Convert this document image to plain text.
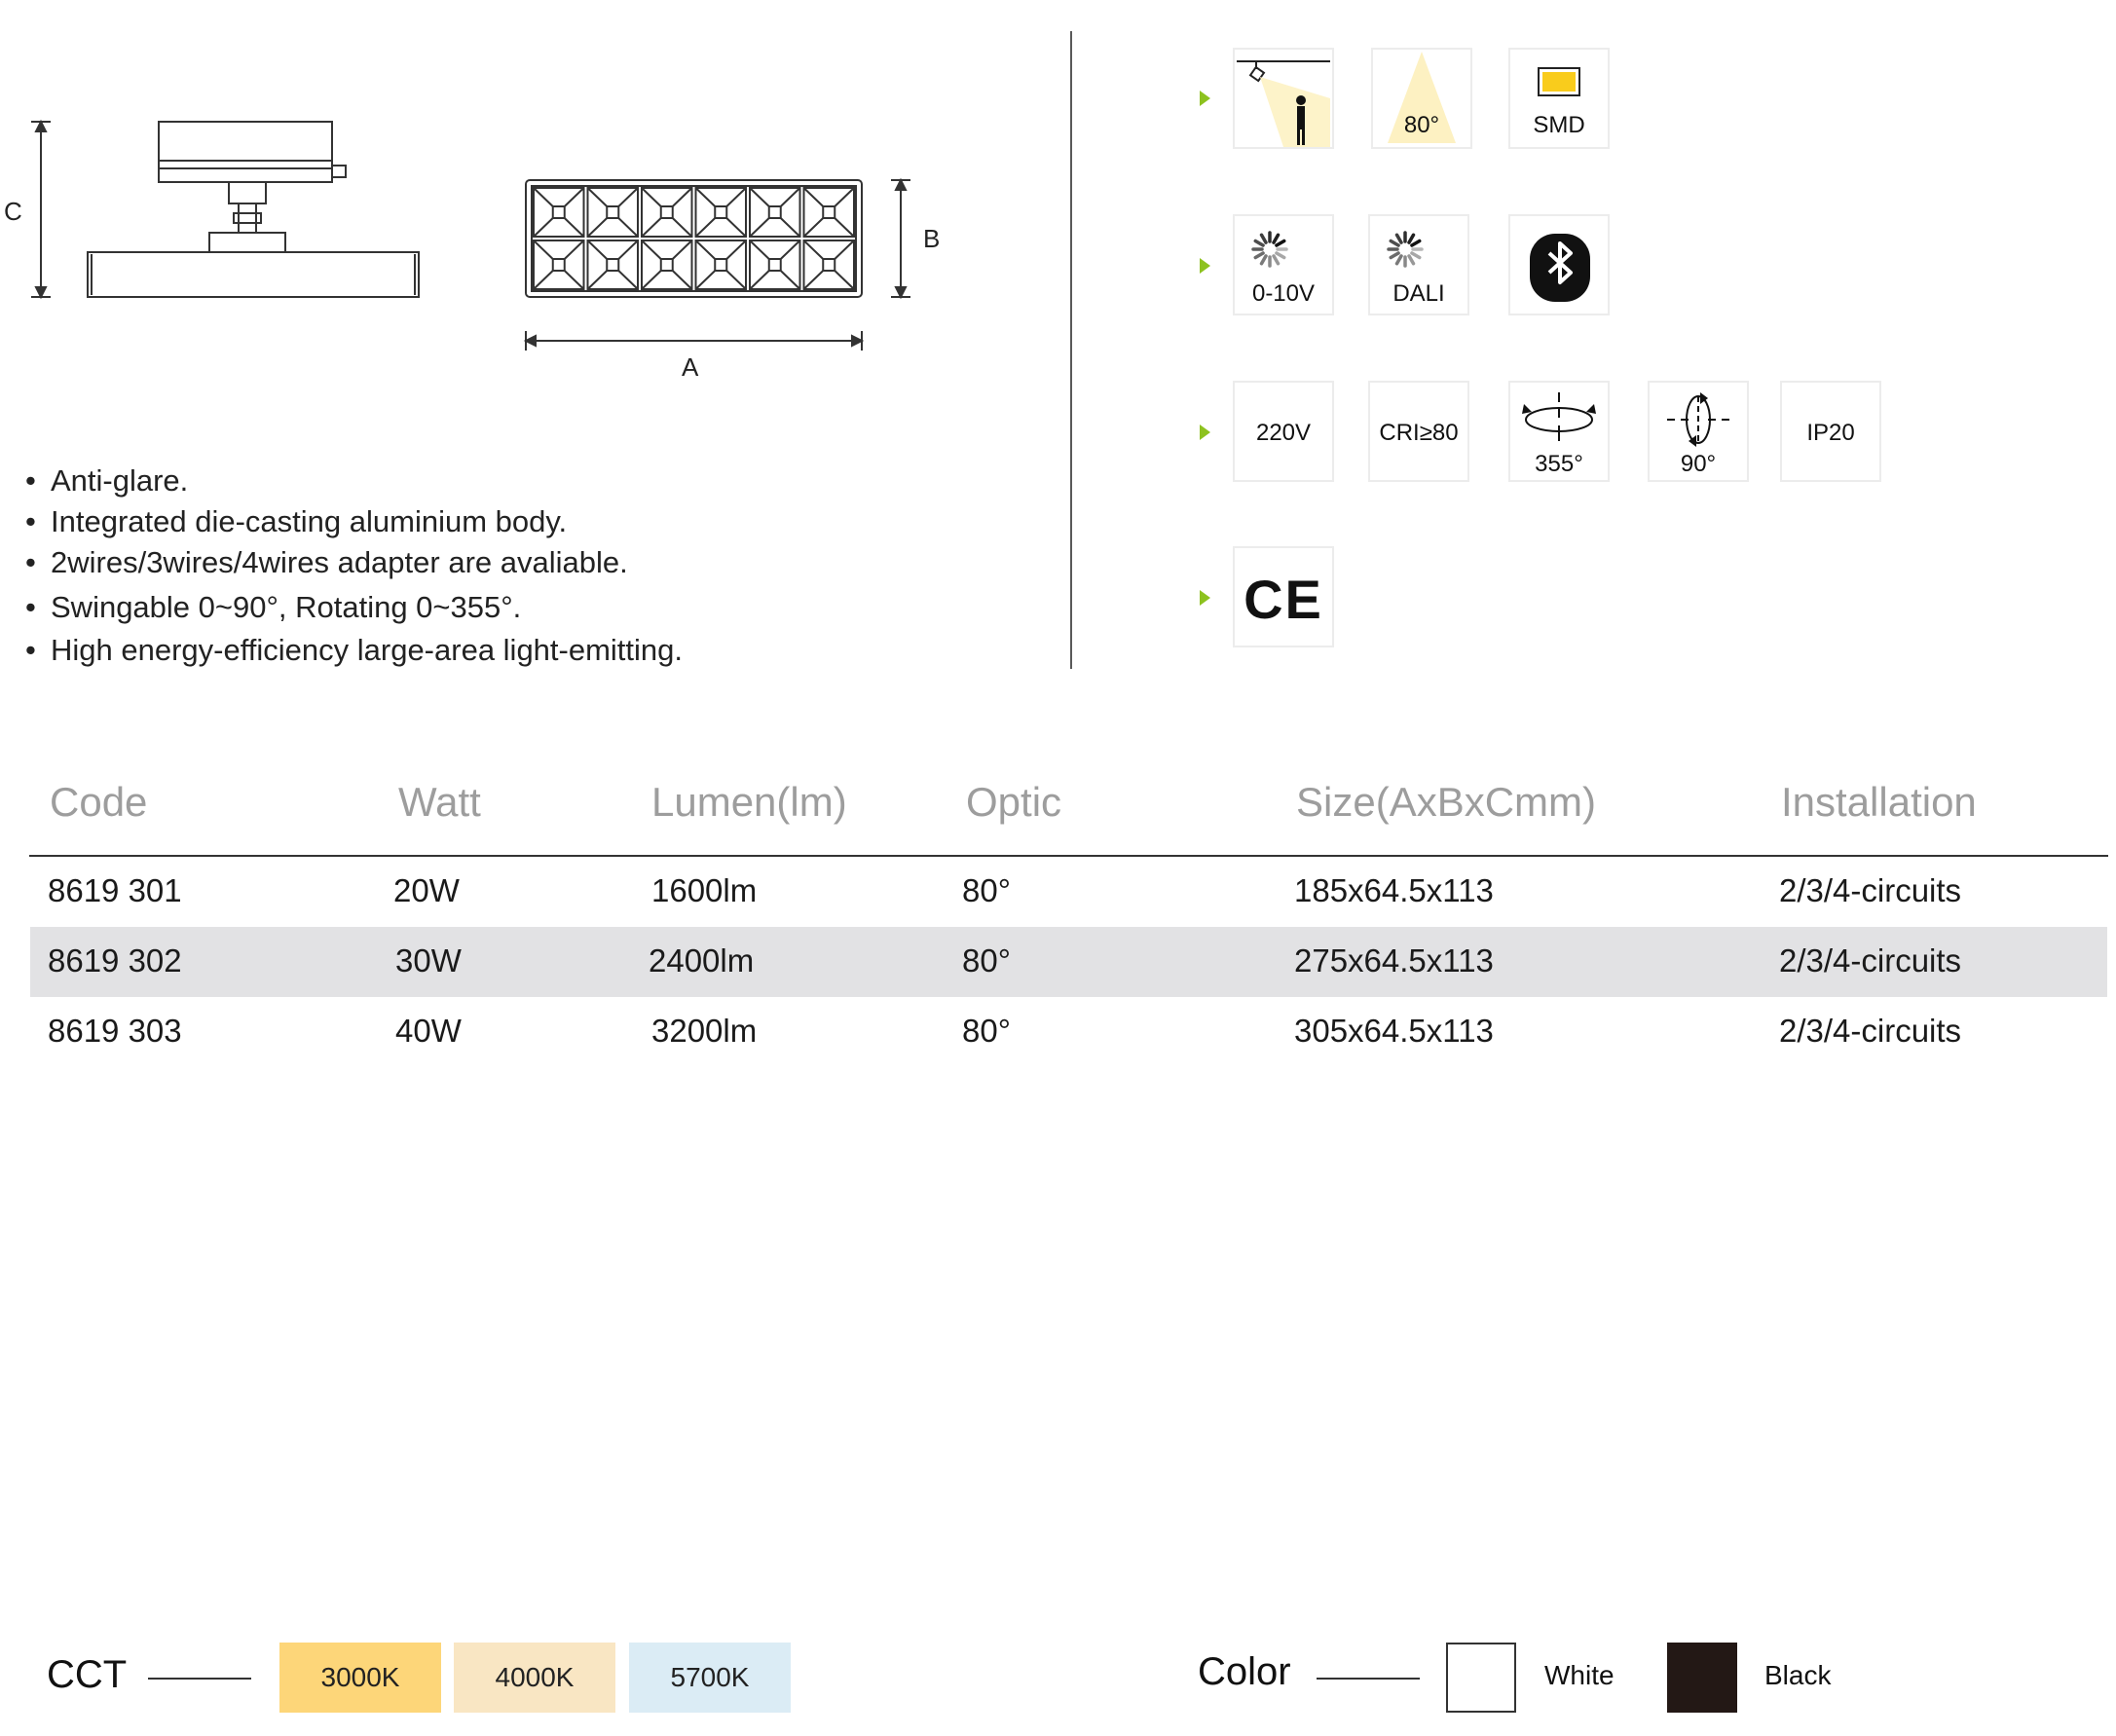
C
B
A
• Anti-glare.
• Integrated die-casting aluminium body.
• 2wires/3wires/4wires adapter are avaliable.
• Swingable 0~90°, Rotating 0~355°.
• High energy-efficiency large-area light-emitting.
80°	SMD
0-10V	DALI
220V	CRI≥80
355°	90°
IP20
CE
Code	Watt	Lumen(lm)	Optic	Size(AxBxCmm)	Installation
8619 301	20W	1600lm	80°	185x64.5x113	2/3/4-circuits
8619 302	30W	2400lm	80°	275x64.5x113	2/3/4-circuits
8619 303	40W	3200lm	80°	305x64.5x113	2/3/4-circuits
CCT	3000K	4000K	5700K	Color	White	Black
